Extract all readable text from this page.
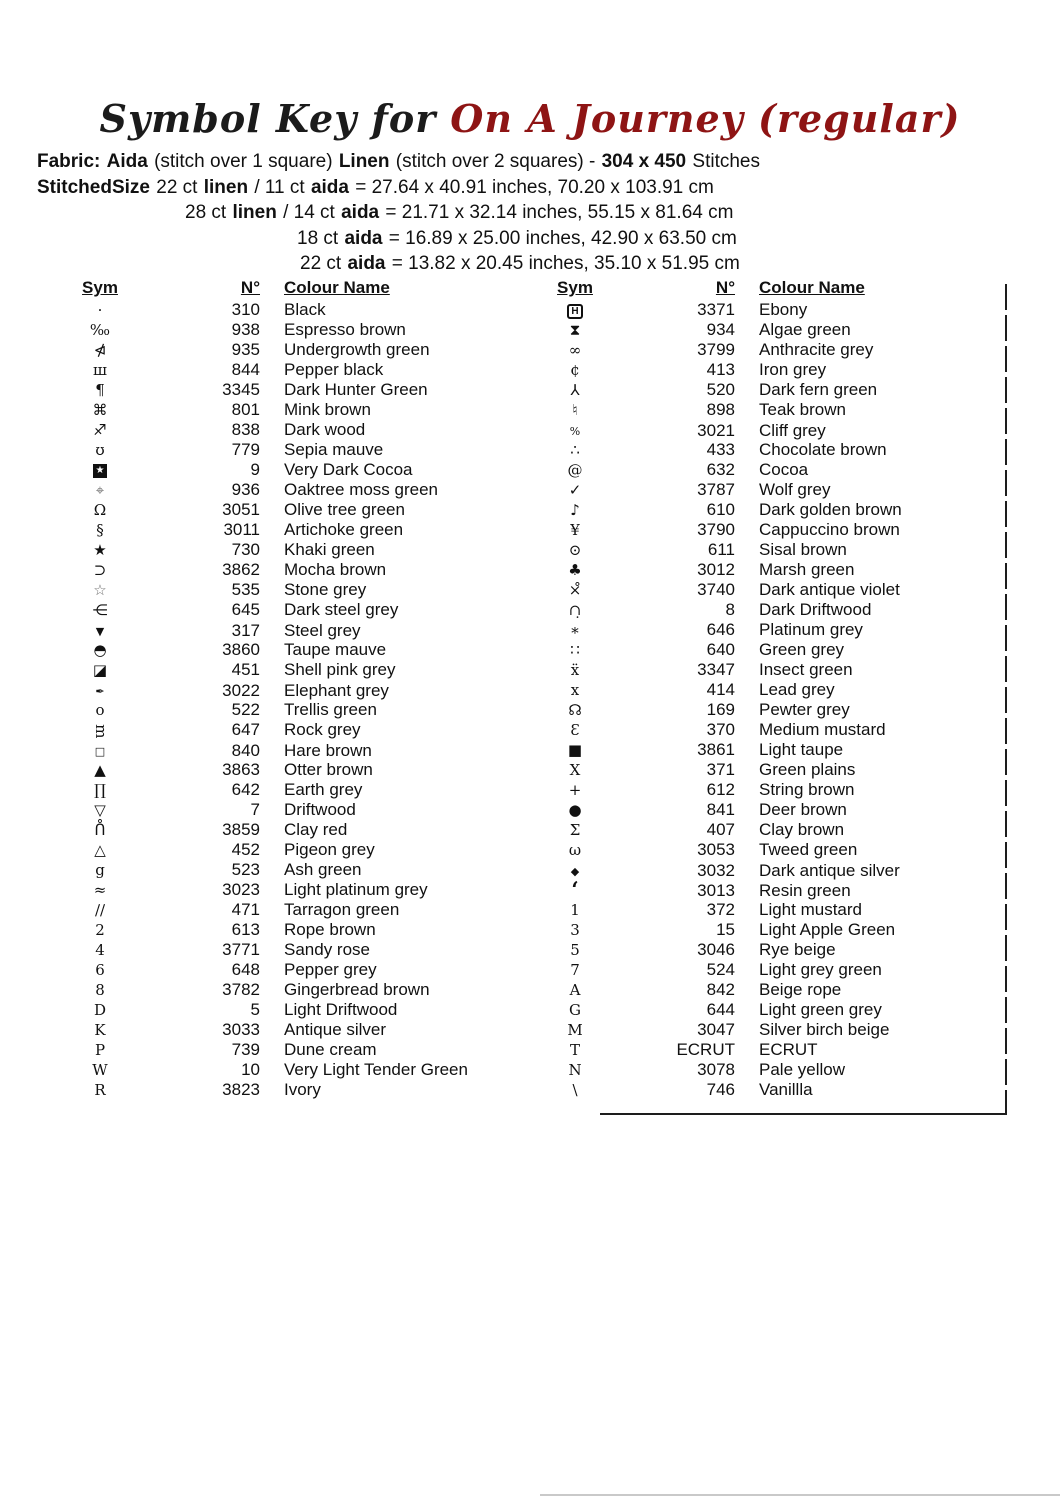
Symbol Key for On A Journey (regular)
Fabric: Aida (stitch over 1 square) Linen (stitch over 2 squares) - 304 x 450 Stitches
StitchedSize 22 ct linen / 11 ct aida = 27.64 x 40.91 inches, 70.20 x 103.91 cm
28 ct linen / 14 ct aida = 21.71 x 32.14 inches, 55.15 x 81.64 cm
18 ct aida = 16.89 x 25.00 inches, 42.90 x 63.50 cm
22 ct aida = 13.82 x 20.45 inches, 35.10 x 51.95 cm
Sym	N°	Colour Name
·	310	Black
‰	938	Espresso brown
⋪	935	Undergrowth green
ш	844	Pepper black
¶	3345	Dark Hunter Green
⌘	801	Mink brown
♐	838	Dark wood
ʊ	779	Sepia mauve
★	9	Very Dark Cocoa
⌖	936	Oaktree moss green
Ω	3051	Olive tree green
§	3011	Artichoke green
★	730	Khaki green
⊃	3862	Mocha brown
☆	535	Stone grey
⋲	645	Dark steel grey
▼	317	Steel grey
◓	3860	Taupe mauve
◪	451	Shell pink grey
✒	3022	Elephant grey
o	522	Trellis green
ᴟ	647	Rock grey
□	840	Hare brown
▲	3863	Otter brown
∏	642	Earth grey
▽	7	Driftwood
ᑍ	3859	Clay red
△	452	Pigeon grey
g	523	Ash green
≈	3023	Light platinum grey
∕∕	471	Tarragon green
2	613	Rope brown
4	3771	Sandy rose
6	648	Pepper grey
8	3782	Gingerbread brown
D	5	Light Driftwood
K	3033	Antique silver
P	739	Dune cream
W	10	Very Light Tender Green
R	3823	Ivory
Sym	N°	Colour Name
H	3371	Ebony
⧗	934	Algae green
∞	3799	Anthracite grey
¢	413	Iron grey
⅄	520	Dark fern green
♮	898	Teak brown
%	3021	Cliff grey
∴	433	Chocolate brown
@	632	Cocoa
✓	3787	Wolf grey
♪	610	Dark golden brown
¥	3790	Cappuccino brown
⊙	611	Sisal brown
♣	3012	Marsh green
×̊	3740	Dark antique violet
∩̣	8	Dark Driftwood
∗	646	Platinum grey
∷	640	Green grey
ẍ	3347	Insect green
x	414	Lead grey
☊	169	Pewter grey
Ɛ	370	Medium mustard
■	3861	Light taupe
Ⅹ	371	Green plains
+	612	String brown
●	841	Deer brown
Σ	407	Clay brown
ω	3053	Tweed green
◆	3032	Dark antique silver
‘	3013	Resin green
1	372	Light mustard
3	15	Light Apple Green
5	3046	Rye beige
7	524	Light grey green
A	842	Beige rope
G	644	Light green grey
M	3047	Silver birch beige
T	ECRUT	ECRUT
N	3078	Pale yellow
\	746	Vanillla
